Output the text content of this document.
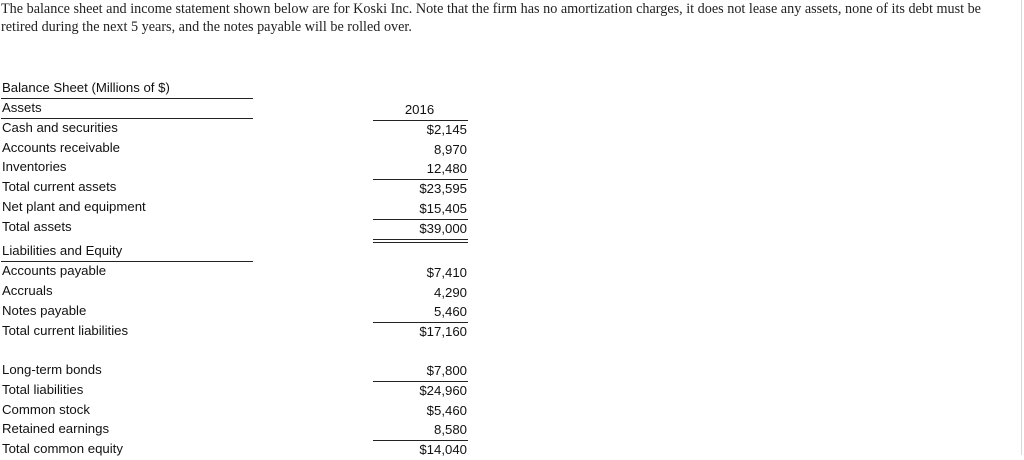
The balance sheet and income statement shown below are for Koski Inc. Note that the firm has no amortization charges, it does not lease any assets, none of its debt must be

retired during the next 5 years, and the notes payable will be rolled over.

Balance Sheet (Millions of $)
Assets	2016
Cash and securities	$2,145
Accounts receivable	8,970
Inventories	12,480
Total current assets	$23,595
Net plant and equipment	$15,405
Total assets	$39,000
Liabilities and Equity
Accounts payable	$7,410
Accruals	4,290
Notes payable	5,460
Total current liabilities	$17,160
Long-term bonds	$7,800
Total liabilities	$24,960
Common stock	$5,460
Retained earnings	8,580
Total common equity	$14,040
